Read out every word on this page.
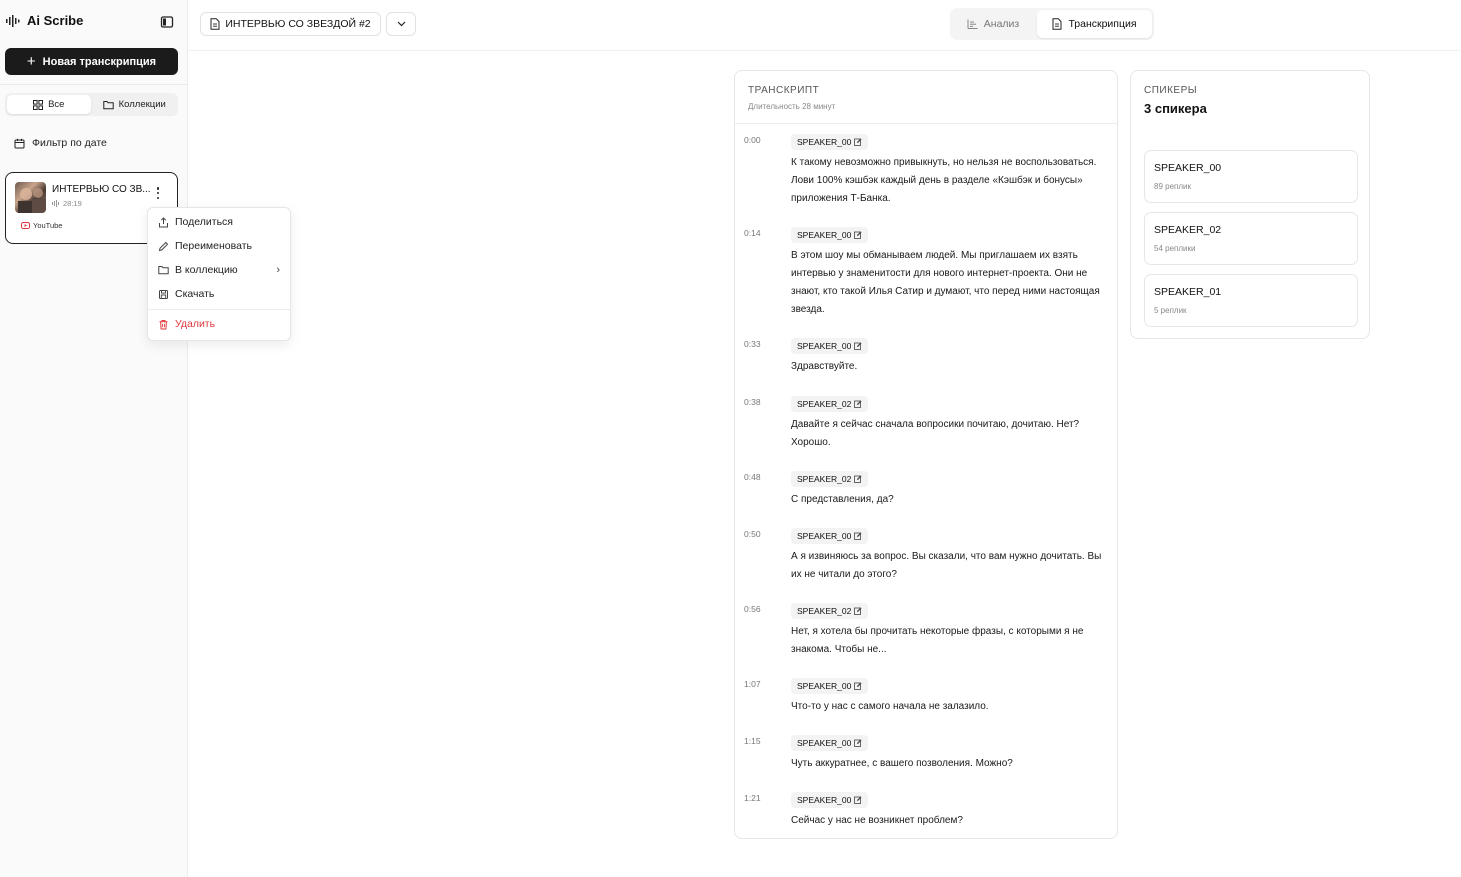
Ai Scribe
+ Новая транскрипция
Все	Коллекции
Фильтр по дате
ИНТЕРВЬЮ СО ЗВ...
28:19
YouTube	Поделиться
Переименовать
В коллекцию	›
Скачать
Удалить
ИНТЕРВЬЮ СО ЗВЕЗДОЙ #2	Анализ	Транскрипция
ТРАНСКРИПТ
Длительность 28 минут
0:00	SPEAKER_00
К такому невозможно привыкнуть, но нельзя не воспользоваться. Лови 100% кэшбэк каждый день в разделе «Кэшбэк и бонусы» приложения Т-Банка.
0:14	SPEAKER_00
В этом шоу мы обманываем людей. Мы приглашаем их взять интервью у знаменитости для нового интернет-проекта. Они не знают, кто такой Илья Сатир и думают, что перед ними настоящая звезда.
0:33	SPEAKER_00
Здравствуйте.
0:38	SPEAKER_02
Давайте я сейчас сначала вопросики почитаю, дочитаю. Нет? Хорошо.
0:48	SPEAKER_02
С представления, да?
0:50	SPEAKER_00
А я извиняюсь за вопрос. Вы сказали, что вам нужно дочитать. Вы их не читали до этого?
0:56	SPEAKER_02
Нет, я хотела бы прочитать некоторые фразы, с которыми я не знакома. Чтобы не...
1:07	SPEAKER_00
Что-то у нас с самого начала не залазило.
1:15	SPEAKER_00
Чуть аккуратнее, с вашего позволения. Можно?
1:21	SPEAKER_00
Сейчас у нас не возникнет проблем?
СПИКЕРЫ
3 спикера
SPEAKER_00
89 реплик
SPEAKER_02
54 реплики
SPEAKER_01
5 реплик
